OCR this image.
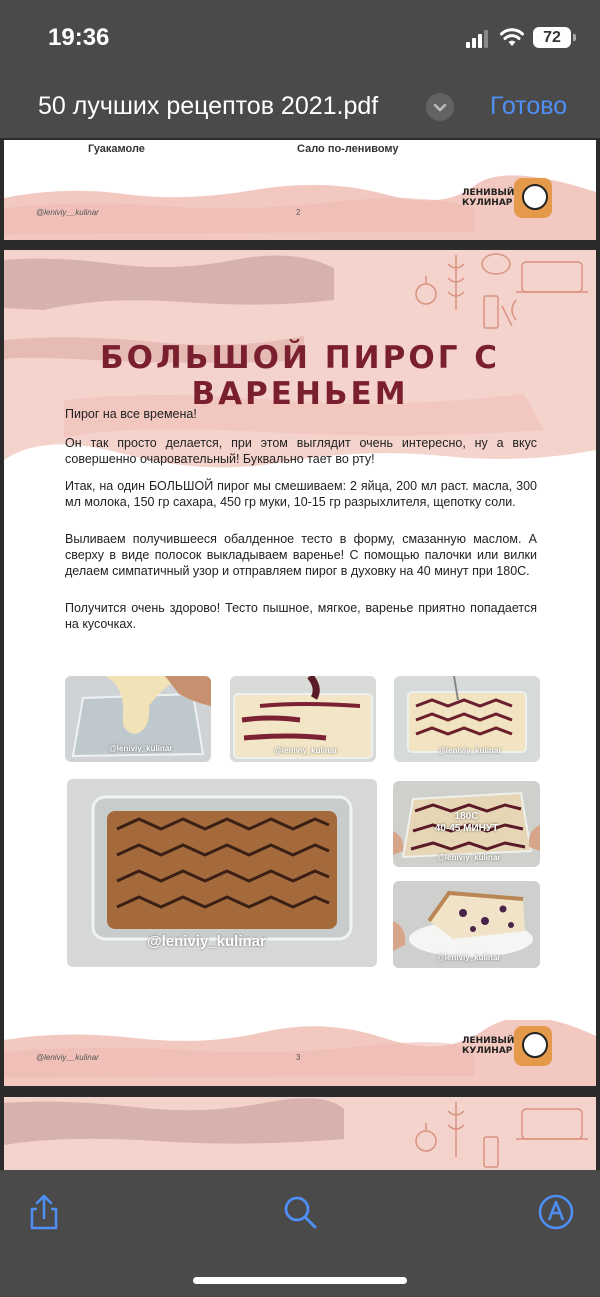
19:36	72
50 лучших рецептов 2021.pdf	Готово
Гуакамоле	Сало по-ленивому
@leniviy__kulinar	2
ЛЕНИВЫЙ
КУЛИНАР
БОЛЬШОЙ ПИРОГ С ВАРЕНЬЕМ
Пирог на все времена!
Он так просто делается, при этом выглядит очень интересно, ну а вкус совершенно очаровательный! Буквально тает во рту!
Итак, на один БОЛЬШОЙ пирог мы смешиваем: 2 яйца, 200 мл раст. масла, 300 мл молока, 150 гр сахара, 450 гр муки, 10-15 гр разрыхлителя, щепотку соли.
Выливаем получившееся обалденное тесто в форму, смазанную маслом. А сверху в виде полосок выкладываем варенье! С помощью палочки или вилки делаем симпатичный узор и отправляем пирог в духовку на 40 минут при 180С.
Получится очень здорово! Тесто пышное, мягкое, варенье приятно попадается на кусочках.
@leniviy_kulinar	@leniviy_kulinar	@leniviy_kulinar
@leniviy_kulinar
180С
40-45 МИНУТ
@leniviy_kulinar
@leniviy_kulinar
@leniviy__kulinar	3
ЛЕНИВЫЙ
КУЛИНАР
